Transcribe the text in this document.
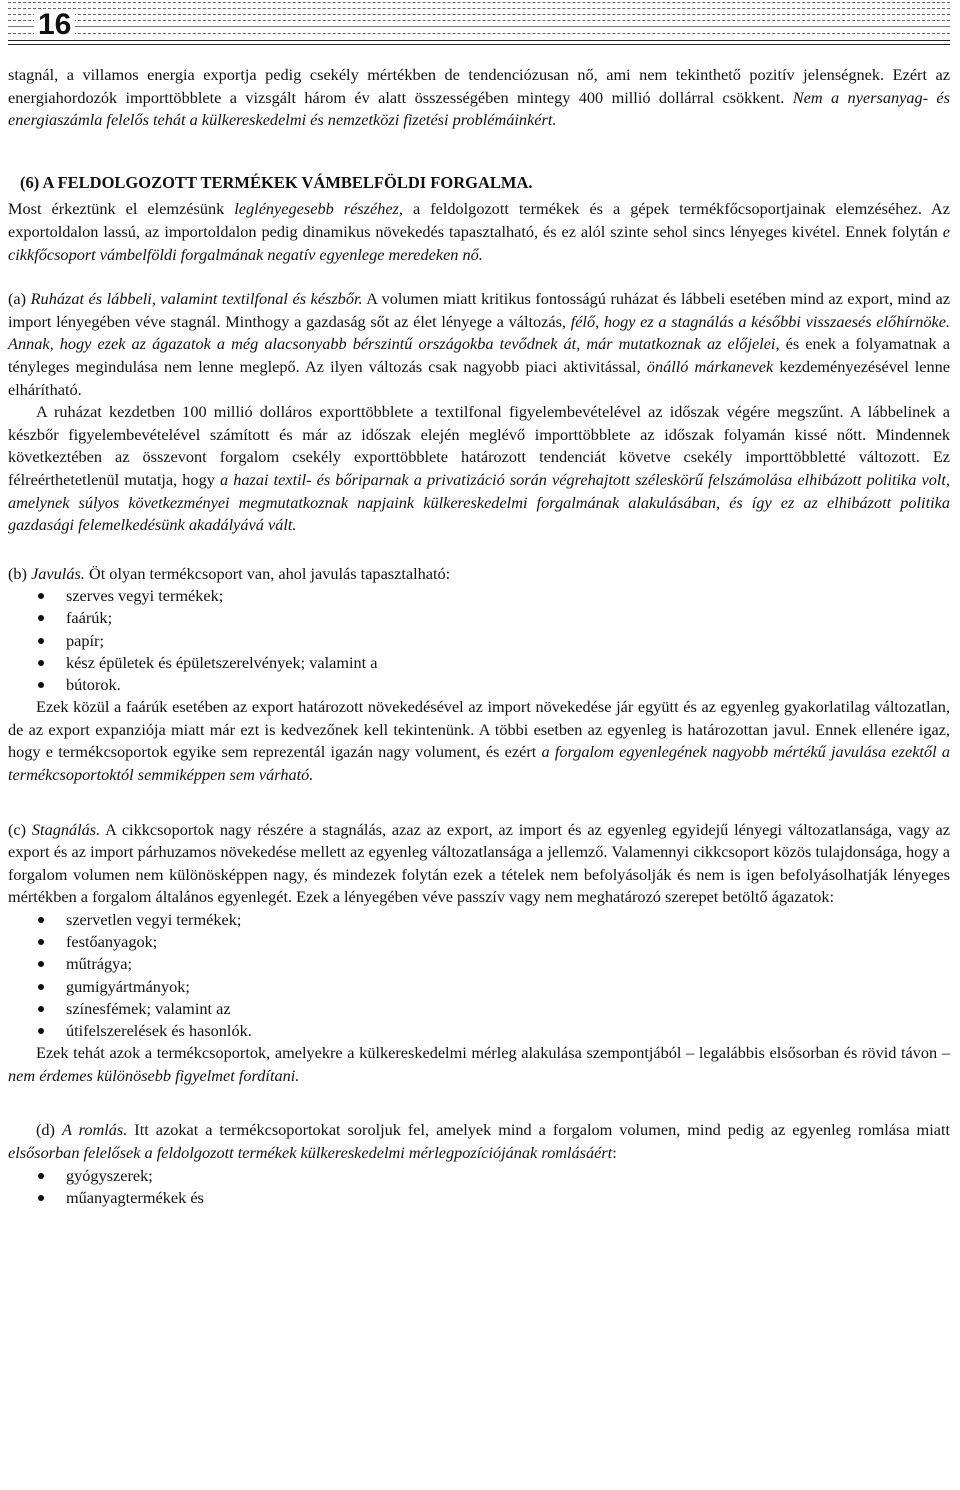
16

stagnál, a villamos energia exportja pedig csekély mértékben de tendenciózusan nő, ami nem tekinthető pozitív jelenségnek. Ezért az energiahordozók importtöbblete a vizsgált három év alatt összességében mintegy 400 millió dollárral csökkent. Nem a nyersanyag- és energiaszámla felelős tehát a külkereskedelmi és nemzetközi fizetési problémáinkért.

(6) A FELDOLGOZOTT TERMÉKEK VÁMBELFÖLDI FORGALMA.

Most érkeztünk el elemzésünk leglényegesebb részéhez, a feldolgozott termékek és a gépek termékfőcsoportjainak elemzéséhez. Az exportoldalon lassú, az importoldalon pedig dinamikus növekedés tapasztalható, és ez alól szinte sehol sincs lényeges kivétel. Ennek folytán e cikkfőcsoport vámbelföldi forgalmának negatív egyenlege meredeken nő.

(a) Ruházat és lábbeli, valamint textilfonal és készbőr. A volumen miatt kritikus fontosságú ruházat és lábbeli esetében mind az export, mind az import lényegében véve stagnál. Minthogy a gazdaság sőt az élet lényege a változás, félő, hogy ez a stagnálás a későbbi visszaesés előhírnöke. Annak, hogy ezek az ágazatok a még alacsonyabb bérszintű országokba tevődnek át, már mutatkoznak az előjelei, és enek a folyamatnak a tényleges megindulása nem lenne meglepő. Az ilyen változás csak nagyobb piaci aktivitással, önálló márkanevek kezdeményezésével lenne elhárítható.

A ruházat kezdetben 100 millió dolláros exporttöbblete a textilfonal figyelembevételével az időszak végére megszűnt. A lábbelinek a készbőr figyelembevételével számított és már az időszak elején meglévő importtöbblete az időszak folyamán kissé nőtt. Mindennek következtében az összevont forgalom csekély exporttöbblete határozott tendenciát követve csekély importtöbbletté változott. Ez félreérthetetlenül mutatja, hogy a hazai textil- és bőriparnak a privatizáció során végrehajtott széleskörű felszámolása elhibázott politika volt, amelynek súlyos következményei megmutatkoznak napjaink külkereskedelmi forgalmának alakulásában, és így ez az elhibázott politika gazdasági felemelkedésünk akadályává vált.

(b) Javulás. Öt olyan termékcsoport van, ahol javulás tapasztalható:

szerves vegyi termékek;
faárúk;
papír;
kész épületek és épületszerelvények; valamint a
bútorok.

Ezek közül a faárúk esetében az export határozott növekedésével az import növekedése jár együtt és az egyenleg gyakorlatilag változatlan, de az export expanziója miatt már ezt is kedvezőnek kell tekintenünk. A többi esetben az egyenleg is határozottan javul. Ennek ellenére igaz, hogy e termékcsoportok egyike sem reprezentál igazán nagy volument, és ezért a forgalom egyenlegének nagyobb mértékű javulása ezektől a termékcsoportoktól semmiképpen sem várható.

(c) Stagnálás. A cikkcsoportok nagy részére a stagnálás, azaz az export, az import és az egyenleg egyidejű lényegi változatlansága, vagy az export és az import párhuzamos növekedése mellett az egyenleg változatlansága a jellemző. Valamennyi cikkcsoport közös tulajdonsága, hogy a forgalom volumen nem különösképpen nagy, és mindezek folytán ezek a tételek nem befolyásolják és nem is igen befolyásolhatják lényeges mértékben a forgalom általános egyenlegét. Ezek a lényegében véve passzív vagy nem meghatározó szerepet betöltő ágazatok:

szervetlen vegyi termékek;
festőanyagok;
műtrágya;
gumigyártmányok;
színesfémek; valamint az
útifelszerelések és hasonlók.

Ezek tehát azok a termékcsoportok, amelyekre a külkereskedelmi mérleg alakulása szempontjából – legalábbis elsősorban és rövid távon – nem érdemes különösebb figyelmet fordítani.

(d) A romlás. Itt azokat a termékcsoportokat soroljuk fel, amelyek mind a forgalom volumen, mind pedig az egyenleg romlása miatt elsősorban felelősek a feldolgozott termékek külkereskedelmi mérlegpozíciójának romlásáért:

gyógyszerek;
műanyagtermékek és
